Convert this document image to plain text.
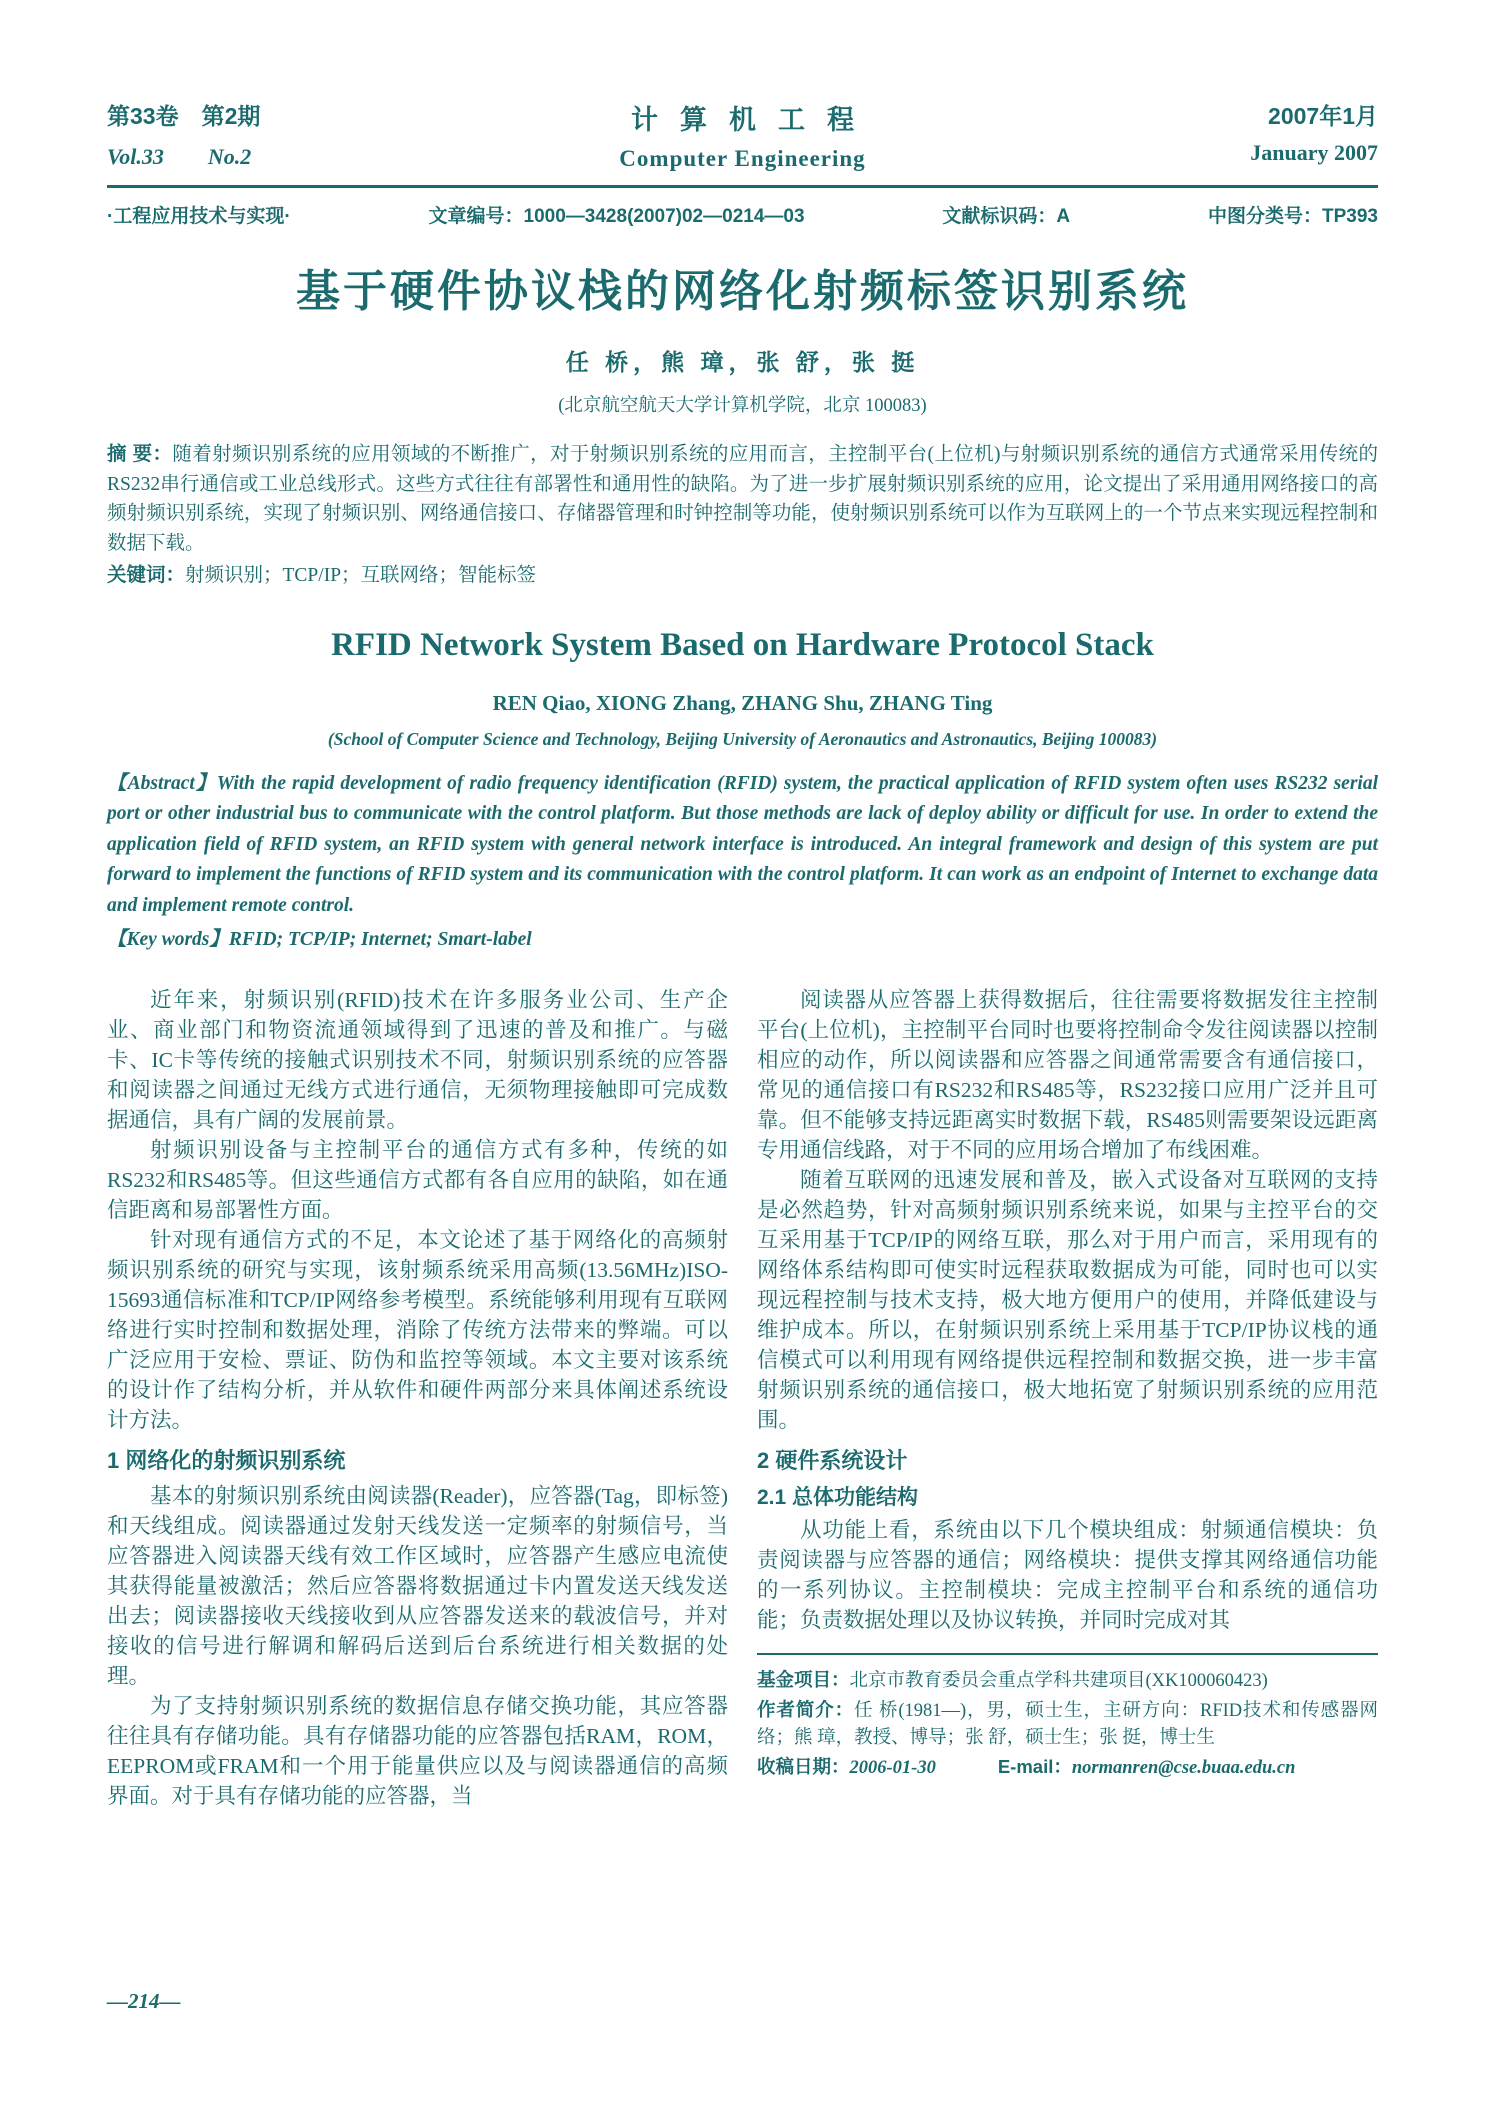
第33卷　第2期
Vol.33　　No.2
计算机工程
Computer Engineering
2007年1月
January 2007
·工程应用技术与实现·	文章编号：1000—3428(2007)02—0214—03	文献标识码：A	中图分类号：TP393
基于硬件协议栈的网络化射频标签识别系统
任 桥，熊 璋，张 舒，张 挺
(北京航空航天大学计算机学院，北京 100083)
摘 要：随着射频识别系统的应用领域的不断推广，对于射频识别系统的应用而言，主控制平台(上位机)与射频识别系统的通信方式通常采用传统的RS232串行通信或工业总线形式。这些方式往往有部署性和通用性的缺陷。为了进一步扩展射频识别系统的应用，论文提出了采用通用网络接口的高频射频识别系统，实现了射频识别、网络通信接口、存储器管理和时钟控制等功能，使射频识别系统可以作为互联网上的一个节点来实现远程控制和数据下载。
关键词：射频识别；TCP/IP；互联网络；智能标签
RFID Network System Based on Hardware Protocol Stack
REN Qiao, XIONG Zhang, ZHANG Shu, ZHANG Ting
(School of Computer Science and Technology, Beijing University of Aeronautics and Astronautics, Beijing 100083)
【Abstract】With the rapid development of radio frequency identification (RFID) system, the practical application of RFID system often uses RS232 serial port or other industrial bus to communicate with the control platform. But those methods are lack of deploy ability or difficult for use. In order to extend the application field of RFID system, an RFID system with general network interface is introduced. An integral framework and design of this system are put forward to implement the functions of RFID system and its communication with the control platform. It can work as an endpoint of Internet to exchange data and implement remote control.
【Key words】RFID; TCP/IP; Internet; Smart-label

近年来，射频识别(RFID)技术在许多服务业公司、生产企业、商业部门和物资流通领域得到了迅速的普及和推广。与磁卡、IC卡等传统的接触式识别技术不同，射频识别系统的应答器和阅读器之间通过无线方式进行通信，无须物理接触即可完成数据通信，具有广阔的发展前景。

射频识别设备与主控制平台的通信方式有多种，传统的如RS232和RS485等。但这些通信方式都有各自应用的缺陷，如在通信距离和易部署性方面。

针对现有通信方式的不足，本文论述了基于网络化的高频射频识别系统的研究与实现，该射频系统采用高频(13.56MHz)ISO-15693通信标准和TCP/IP网络参考模型。系统能够利用现有互联网络进行实时控制和数据处理，消除了传统方法带来的弊端。可以广泛应用于安检、票证、防伪和监控等领域。本文主要对该系统的设计作了结构分析，并从软件和硬件两部分来具体阐述系统设计方法。

1 网络化的射频识别系统

基本的射频识别系统由阅读器(Reader)，应答器(Tag，即标签)和天线组成。阅读器通过发射天线发送一定频率的射频信号，当应答器进入阅读器天线有效工作区域时，应答器产生感应电流使其获得能量被激活；然后应答器将数据通过卡内置发送天线发送出去；阅读器接收天线接收到从应答器发送来的载波信号，并对接收的信号进行解调和解码后送到后台系统进行相关数据的处理。

为了支持射频识别系统的数据信息存储交换功能，其应答器往往具有存储功能。具有存储器功能的应答器包括RAM，ROM，EEPROM或FRAM和一个用于能量供应以及与阅读器通信的高频界面。对于具有存储功能的应答器，当

阅读器从应答器上获得数据后，往往需要将数据发往主控制平台(上位机)，主控制平台同时也要将控制命令发往阅读器以控制相应的动作，所以阅读器和应答器之间通常需要含有通信接口，常见的通信接口有RS232和RS485等，RS232接口应用广泛并且可靠。但不能够支持远距离实时数据下载，RS485则需要架设远距离专用通信线路，对于不同的应用场合增加了布线困难。

随着互联网的迅速发展和普及，嵌入式设备对互联网的支持是必然趋势，针对高频射频识别系统来说，如果与主控平台的交互采用基于TCP/IP的网络互联，那么对于用户而言，采用现有的网络体系结构即可使实时远程获取数据成为可能，同时也可以实现远程控制与技术支持，极大地方便用户的使用，并降低建设与维护成本。所以，在射频识别系统上采用基于TCP/IP协议栈的通信模式可以利用现有网络提供远程控制和数据交换，进一步丰富射频识别系统的通信接口，极大地拓宽了射频识别系统的应用范围。

2 硬件系统设计
2.1 总体功能结构

从功能上看，系统由以下几个模块组成：射频通信模块：负责阅读器与应答器的通信；网络模块：提供支撑其网络通信功能的一系列协议。主控制模块：完成主控制平台和系统的通信功能；负责数据处理以及协议转换，并同时完成对其

基金项目：北京市教育委员会重点学科共建项目(XK100060423)

作者简介：任 桥(1981—)，男，硕士生，主研方向：RFID技术和传感器网络；熊 璋，教授、博导；张 舒，硕士生；张 挺，博士生

收稿日期：2006-01-30	E-mail：normanren@cse.buaa.edu.cn

—214—
